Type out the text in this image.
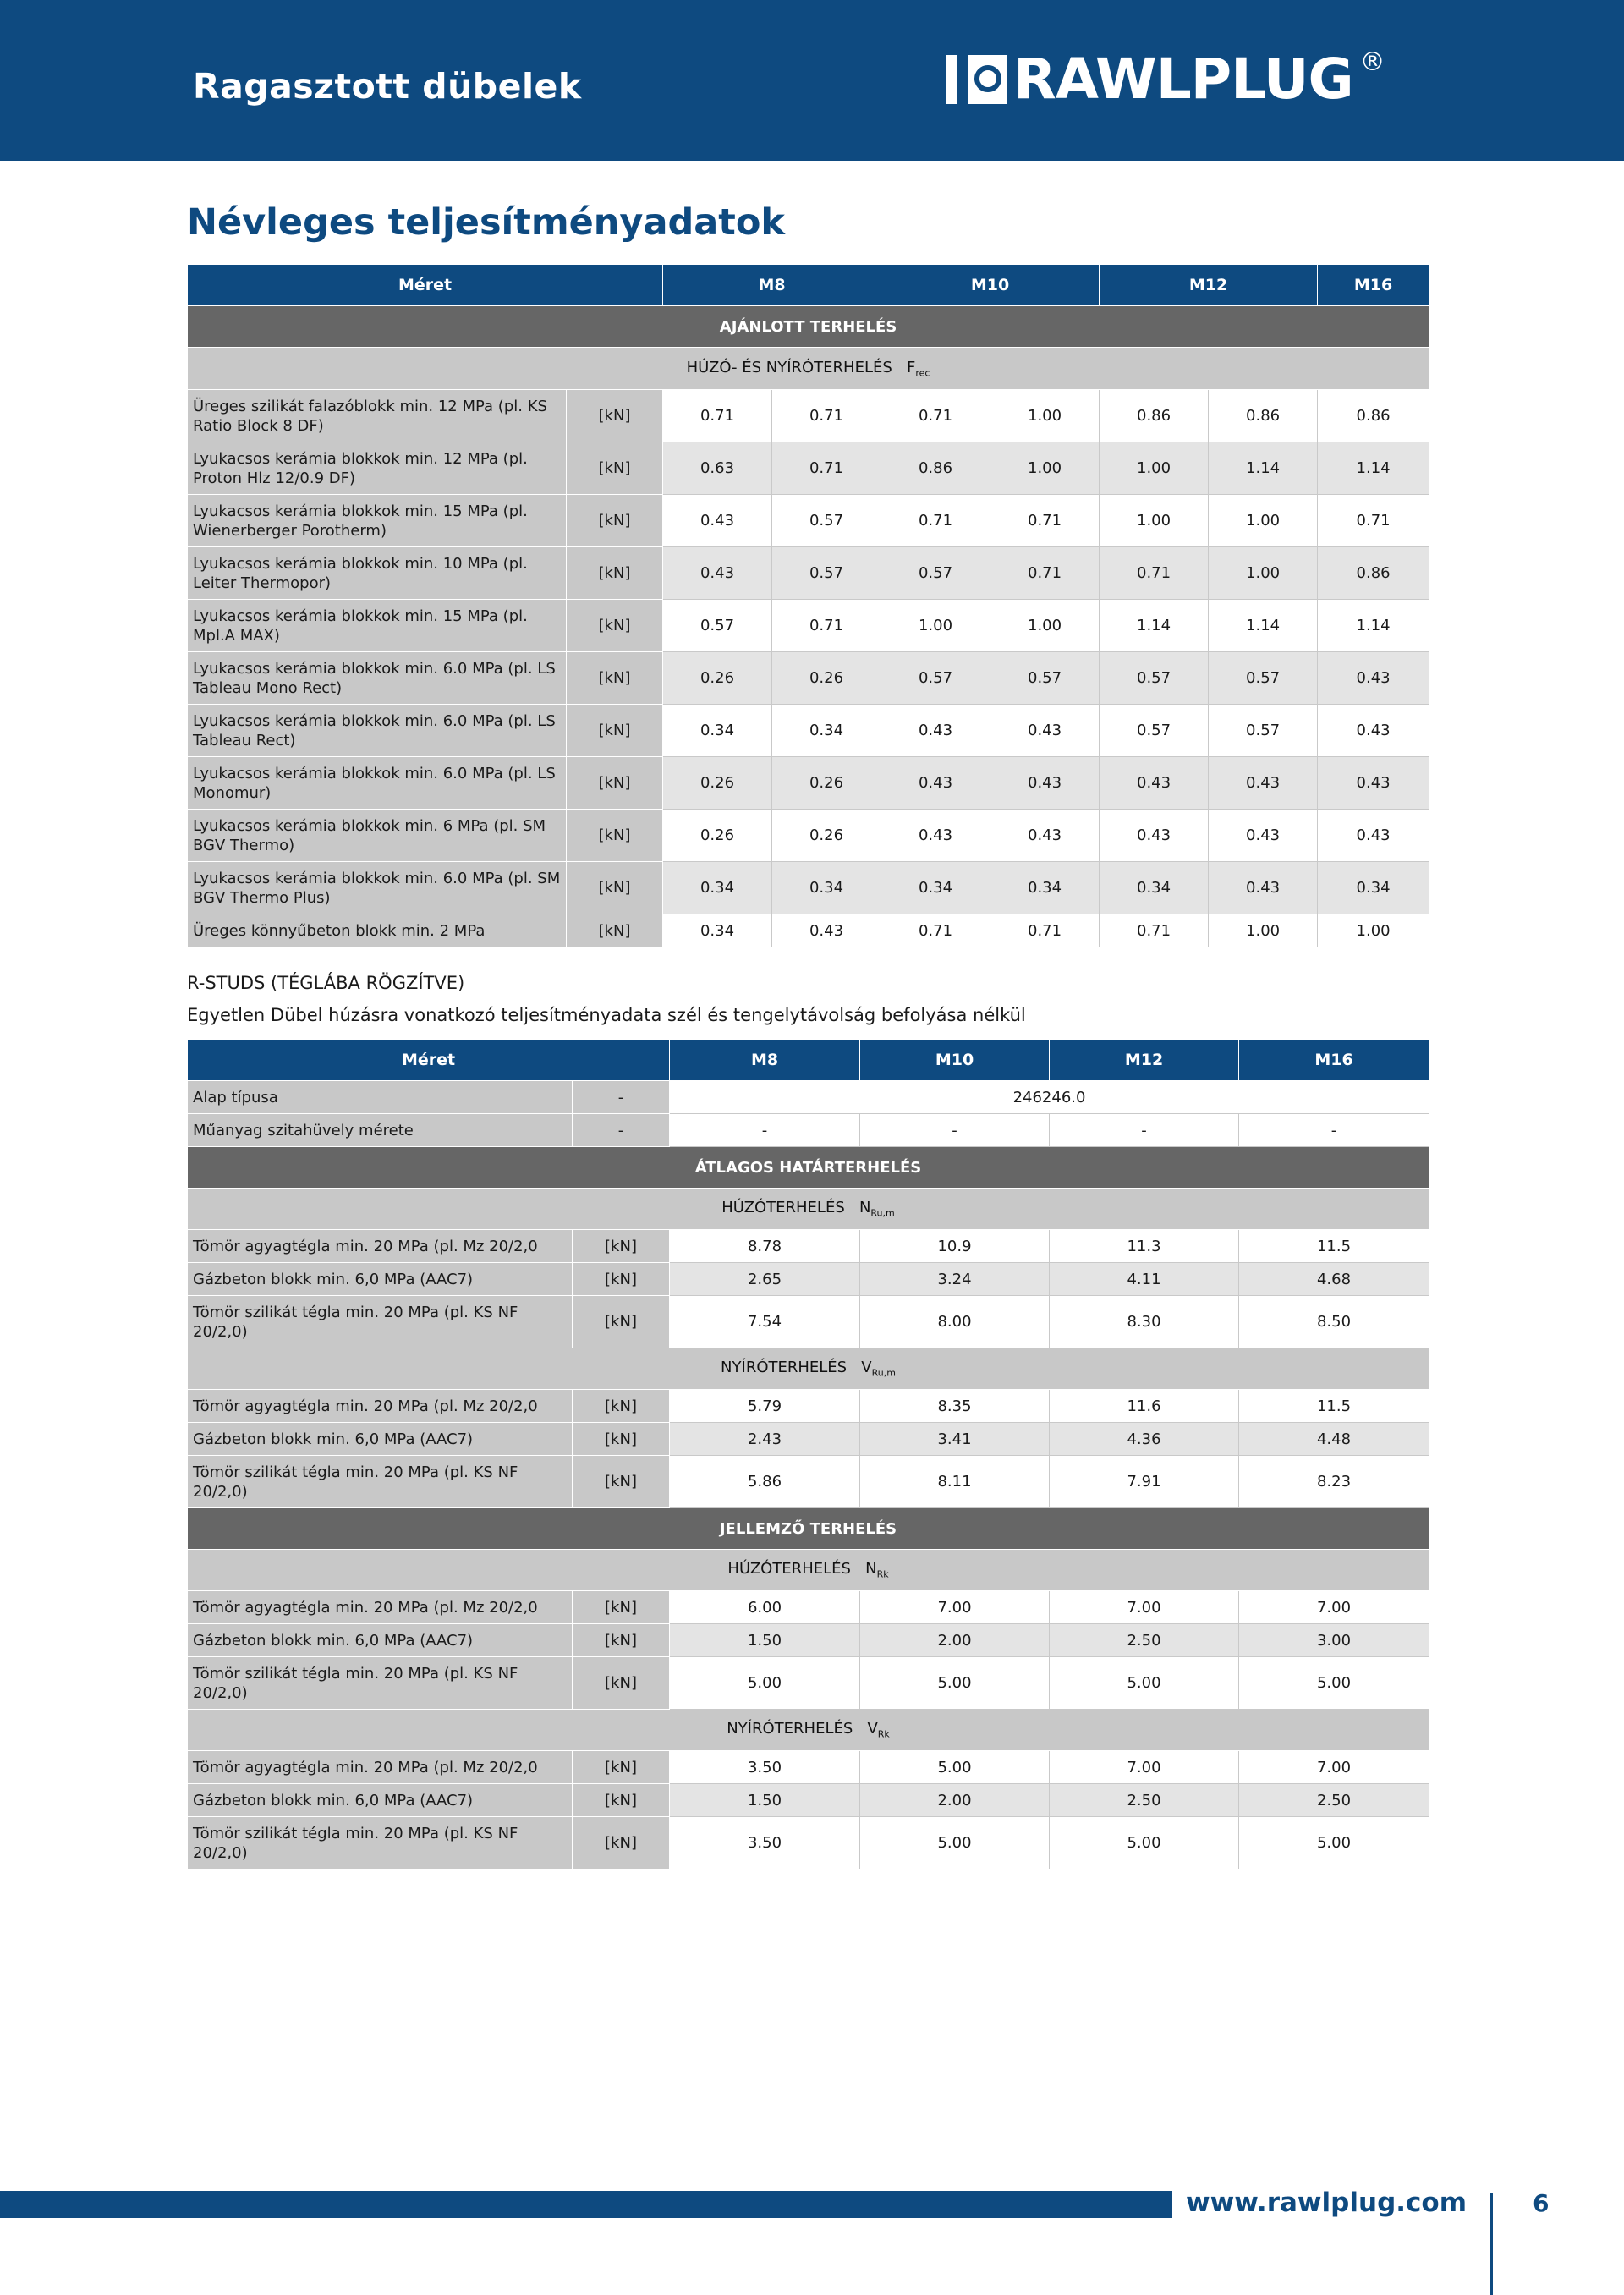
Ragasztott dübelek	RAWLPLUG ®
Névleges teljesítményadatok
Méret		M8		M10		M12		M16
AJÁNLOTT TERHELÉS								
HÚZÓ- ÉS NYÍRÓTERHELÉS $F_{rec}$
Üreges szilikát falazóblokk min. 12 MPa (pl. KS Ratio Block 8 DF)	[kN]	0.71	0.71	0.71	1.00	0.86	0.86	0.86
Lyukacsos kerámia blokkok min. 12 MPa (pl. Proton Hlz 12/0.9 DF)	[kN]	0.63	0.71	0.86	1.00	1.00	1.14	1.14
Lyukacsos kerámia blokkok min. 15 MPa (pl. Wienerberger Porotherm)	[kN]	0.43	0.57	0.71	0.71	1.00	1.00	0.71
Lyukacsos kerámia blokkok min. 10 MPa (pl. Leiter Thermopor)	[kN]	0.43	0.57	0.57	0.71	0.71	1.00	0.86
Lyukacsos kerámia blokkok min. 15 MPa (pl. Mpl.A MAX)	[kN]	0.57	0.71	1.00	1.00	1.14	1.14	1.14
Lyukacsos kerámia blokkok min. 6.0 MPa (pl. LS Tableau Mono Rect)	[kN]	0.26	0.26	0.57	0.57	0.57	0.57	0.43
Lyukacsos kerámia blokkok min. 6.0 MPa (pl. LS Tableau Rect)	[kN]	0.34	0.34	0.43	0.43	0.57	0.57	0.43
Lyukacsos kerámia blokkok min. 6.0 MPa (pl. LS Monomur)	[kN]	0.26	0.26	0.43	0.43	0.43	0.43	0.43
Lyukacsos kerámia blokkok min. 6 MPa (pl. SM BGV Thermo)	[kN]	0.26	0.26	0.43	0.43	0.43	0.43	0.43
Lyukacsos kerámia blokkok min. 6.0 MPa (pl. SM BGV Thermo Plus)	[kN]	0.34	0.34	0.34	0.34	0.34	0.43	0.34
Üreges könnyűbeton blokk min. 2 MPa	[kN]	0.34	0.43	0.71	0.71	0.71	1.00	1.00
R-STUDS (TÉGLÁBA RÖGZÍTVE)
Egyetlen Dübel húzásra vonatkozó teljesítményadata szél és tengelytávolság befolyása nélkül
Méret		M8	M10	M12	M16
Alap típusa	-	246246.0			
Műanyag szitahüvely mérete	-	-	-	-	-
ÁTLAGOS HATÁRTERHELÉS					
HÚZÓTERHELÉS $N_{Ru,m}$
Tömör agyagtégla min. 20 MPa (pl. Mz 20/2,0	[kN]	8.78	10.9	11.3	11.5
Gázbeton blokk min. 6,0 MPa (AAC7)	[kN]	2.65	3.24	4.11	4.68
Tömör szilikát tégla min. 20 MPa (pl. KS NF 20/2,0)	[kN]	7.54	8.00	8.30	8.50
NYÍRÓTERHELÉS $V_{Ru,m}$
Tömör agyagtégla min. 20 MPa (pl. Mz 20/2,0	[kN]	5.79	8.35	11.6	11.5
Gázbeton blokk min. 6,0 MPa (AAC7)	[kN]	2.43	3.41	4.36	4.48
Tömör szilikát tégla min. 20 MPa (pl. KS NF 20/2,0)	[kN]	5.86	8.11	7.91	8.23
JELLEMZŐ TERHELÉS					
HÚZÓTERHELÉS $N_{Rk}$
Tömör agyagtégla min. 20 MPa (pl. Mz 20/2,0	[kN]	6.00	7.00	7.00	7.00
Gázbeton blokk min. 6,0 MPa (AAC7)	[kN]	1.50	2.00	2.50	3.00
Tömör szilikát tégla min. 20 MPa (pl. KS NF 20/2,0)	[kN]	5.00	5.00	5.00	5.00
NYÍRÓTERHELÉS $V_{Rk}$
Tömör agyagtégla min. 20 MPa (pl. Mz 20/2,0	[kN]	3.50	5.00	7.00	7.00
Gázbeton blokk min. 6,0 MPa (AAC7)	[kN]	1.50	2.00	2.50	2.50
Tömör szilikát tégla min. 20 MPa (pl. KS NF 20/2,0)	[kN]	3.50	5.00	5.00	5.00
www.rawlplug.com	6
